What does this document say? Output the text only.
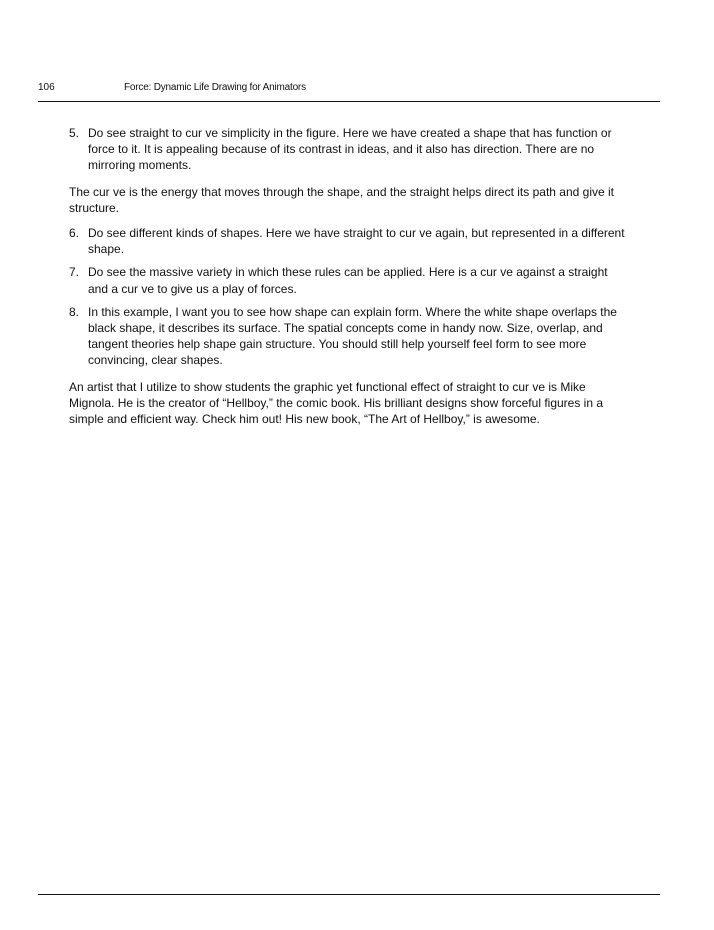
106	Force: Dynamic Life Drawing for Animators
5. Do see straight to cur ve simplicity in the figure. Here we have created a shape that has function or force to it. It is appealing because of its contrast in ideas, and it also has direction. There are no mirroring moments.

The cur ve is the energy that moves through the shape, and the straight helps direct its path and give it structure.

6. Do see different kinds of shapes. Here we have straight to cur ve again, but represented in a different shape.
7. Do see the massive variety in which these rules can be applied. Here is a cur ve against a straight and a cur ve to give us a play of forces.
8. In this example, I want you to see how shape can explain form. Where the white shape overlaps the black shape, it describes its surface. The spatial concepts come in handy now. Size, overlap, and tangent theories help shape gain structure. You should still help yourself feel form to see more convincing, clear shapes.

An artist that I utilize to show students the graphic yet functional effect of straight to cur ve is Mike Mignola. He is the creator of “Hellboy,” the comic book. His brilliant designs show forceful figures in a simple and efficient way. Check him out! His new book, “The Art of Hellboy,” is awesome.
